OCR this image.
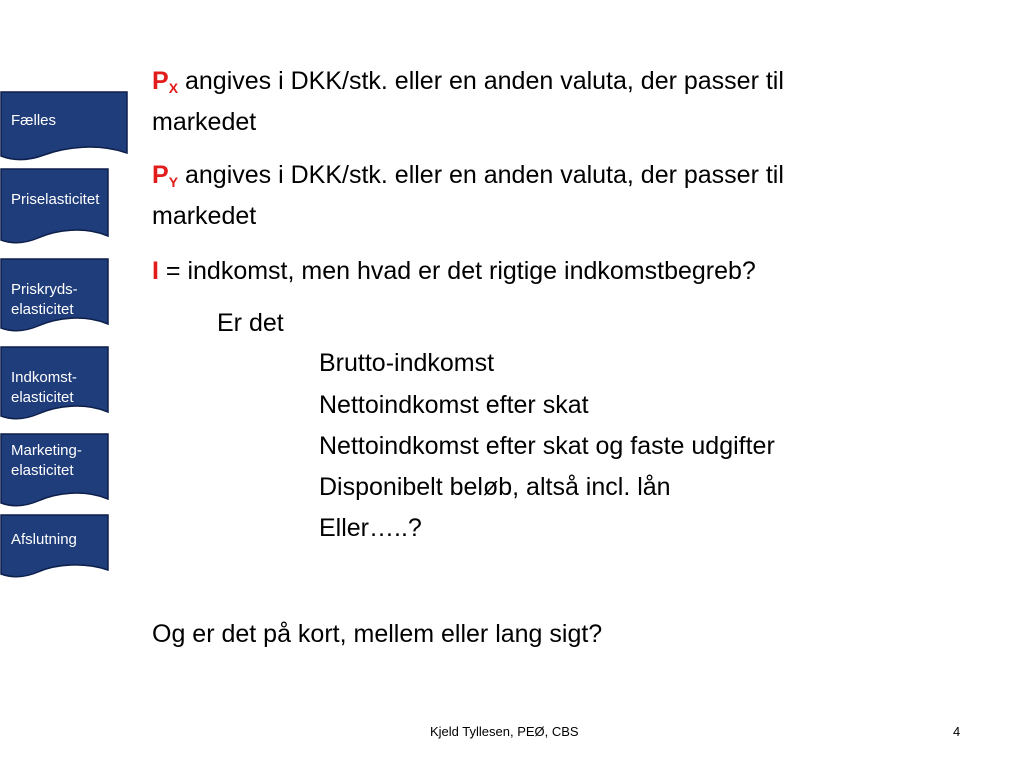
Fælles
Priselasticitet
Priskryds-elasticitet
Indkomst-elasticitet
Marketing-elasticitet
Afslutning
$P_X$ angives i DKK/stk. eller en anden valuta, der passer til
markedet
$P_Y$ angives i DKK/stk. eller en anden valuta, der passer til
markedet
I = indkomst, men hvad er det rigtige indkomstbegreb?
Er det
Brutto-indkomst
Nettoindkomst efter skat
Nettoindkomst efter skat og faste udgifter
Disponibelt beløb, altså incl. lån
Eller…..?
Og er det på kort, mellem eller lang sigt?
Kjeld Tyllesen, PEØ, CBS	4
